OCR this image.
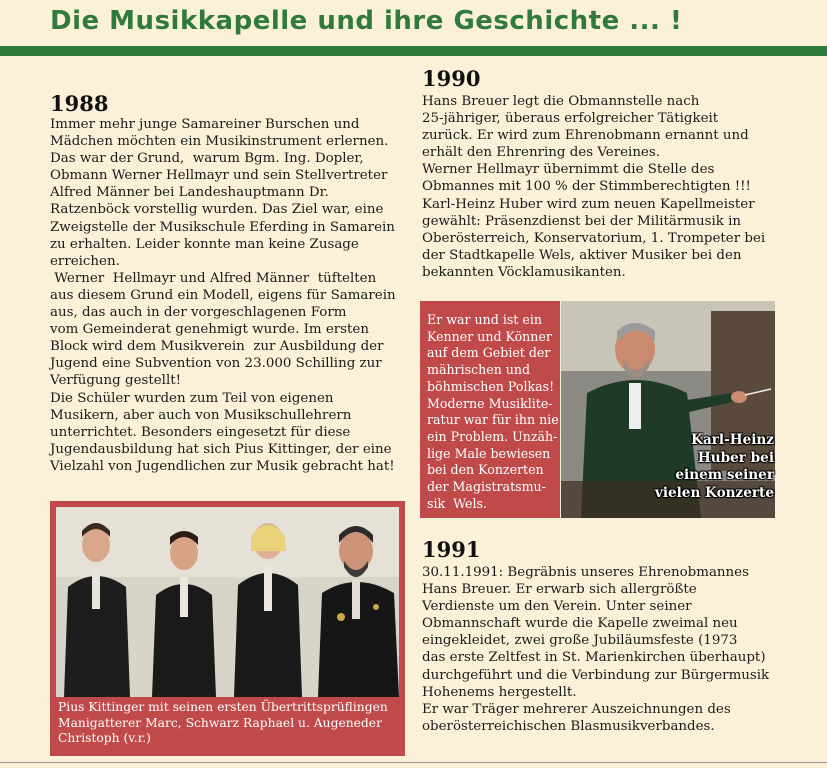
Die Musikkapelle und ihre Geschichte ... !
1988

Immer mehr junge Samareiner Burschen und

Mädchen möchten ein Musikinstrument erlernen.

Das war der Grund,  warum Bgm. Ing. Dopler,

Obmann Werner Hellmayr und sein Stellvertreter

Alfred Männer bei Landeshauptmann Dr.

Ratzenböck vorstellig wurden. Das Ziel war, eine

Zweigstelle der Musikschule Eferding in Samarein

zu erhalten. Leider konnte man keine Zusage

erreichen.

Werner  Hellmayr und Alfred Männer  tüftelten

aus diesem Grund ein Modell, eigens für Samarein

aus, das auch in der vorgeschlagenen Form

vom Gemeinderat genehmigt wurde. Im ersten

Block wird dem Musikverein  zur Ausbildung der

Jugend eine Subvention von 23.000 Schilling zur

Verfügung gestellt!

Die Schüler wurden zum Teil von eigenen

Musikern, aber auch von Musikschullehrern

unterrichtet. Besonders eingesetzt für diese

Jugendausbildung hat sich Pius Kittinger, der eine

Vielzahl von Jugendlichen zur Musik gebracht hat!

Pius Kittinger mit seinen ersten Übertrittsprüflingen

Manigatterer Marc, Schwarz Raphael u. Augeneder

Christoph (v.r.)

1990

Hans Breuer legt die Obmannstelle nach

25-jähriger, überaus erfolgreicher Tätigkeit

zurück. Er wird zum Ehrenobmann ernannt und

erhält den Ehrenring des Vereines.

Werner Hellmayr übernimmt die Stelle des

Obmannes mit 100 % der Stimmberechtigten !!!

Karl-Heinz Huber wird zum neuen Kapellmeister

gewählt: Präsenzdienst bei der Militärmusik in

Oberösterreich, Konservatorium, 1. Trompeter bei

der Stadtkapelle Wels, aktiver Musiker bei den

bekannten Vöcklamusikanten.

Er war und ist ein

Kenner und Könner

auf dem Gebiet der

mährischen und

böhmischen Polkas!

Moderne Musiklite-

ratur war für ihn nie

ein Problem. Unzäh-

lige Male bewiesen

bei den Konzerten

der Magistratsmu-

sik  Wels.

Karl-Heinz

Huber bei

einem seiner

vielen Konzerte

1991

30.11.1991: Begräbnis unseres Ehrenobmannes

Hans Breuer. Er erwarb sich allergrößte

Verdienste um den Verein. Unter seiner

Obmannschaft wurde die Kapelle zweimal neu

eingekleidet, zwei große Jubiläumsfeste (1973

das erste Zeltfest in St. Marienkirchen überhaupt)

durchgeführt und die Verbindung zur Bürgermusik

Hohenems hergestellt.

Er war Träger mehrerer Auszeichnungen des

oberösterreichischen Blasmusikverbandes.
